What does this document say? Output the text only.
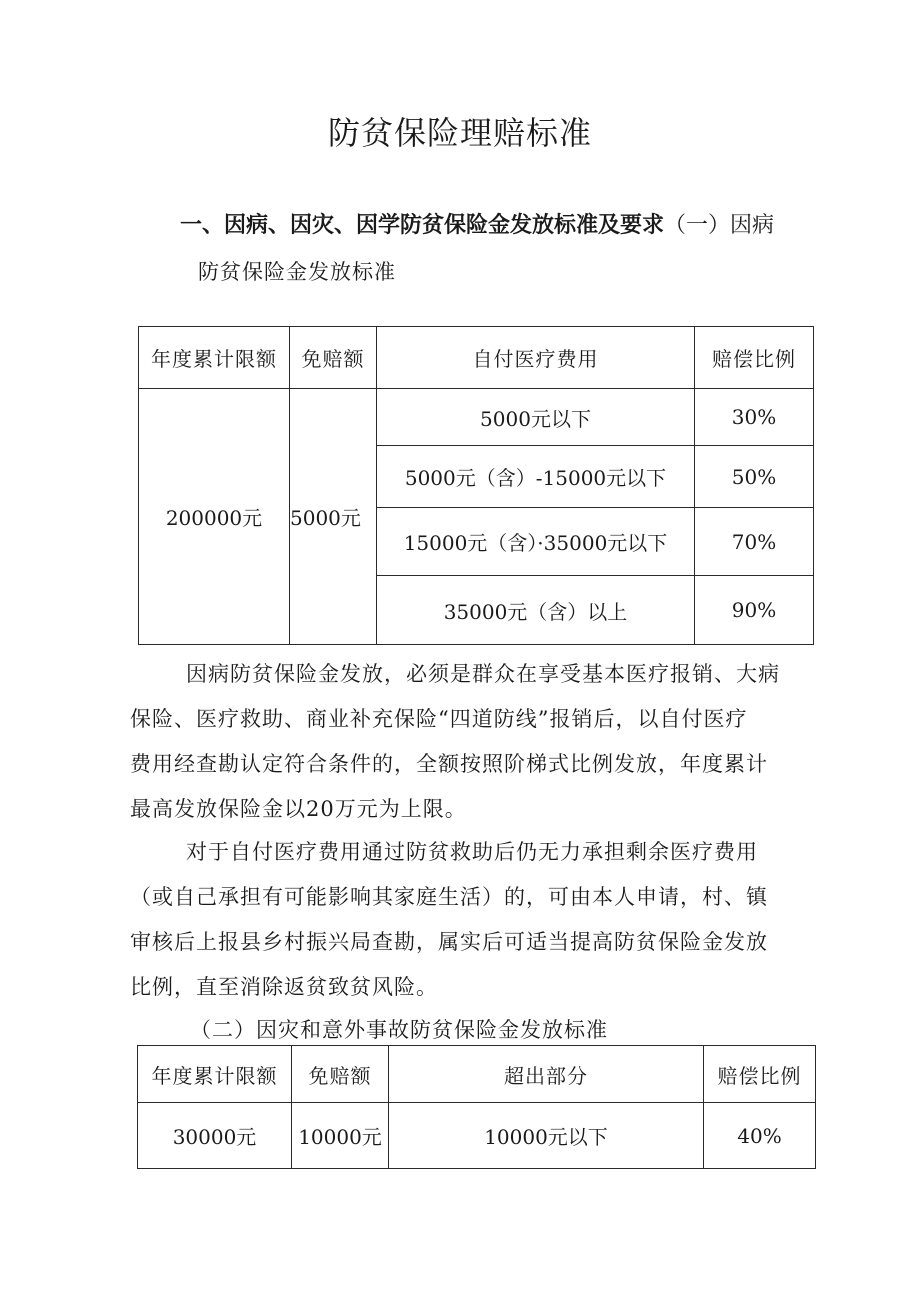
防贫保险理赔标准
一、因病、因灾、因学防贫保险金发放标准及要求（一）因病
防贫保险金发放标准
年度累计限额	免赔额	自付医疗费用	赔偿比例
200000元	5000元	5000元以下	30%
		5000元（含）-15000元以下	50%
		15000元（含）·35000元以下	70%
		35000元（含）以上	90%
因病防贫保险金发放，必须是群众在享受基本医疗报销、大病
保险、医疗救助、商业补充保险“四道防线”报销后，以自付医疗
费用经查勘认定符合条件的，全额按照阶梯式比例发放，年度累计
最高发放保险金以20万元为上限。
对于自付医疗费用通过防贫救助后仍无力承担剩余医疗费用
（或自己承担有可能影响其家庭生活）的，可由本人申请，村、镇
审核后上报县乡村振兴局查勘，属实后可适当提高防贫保险金发放
比例，直至消除返贫致贫风险。
（二）因灾和意外事故防贫保险金发放标准
年度累计限额	免赔额	超出部分	赔偿比例
30000元	10000元	10000元以下	40%
